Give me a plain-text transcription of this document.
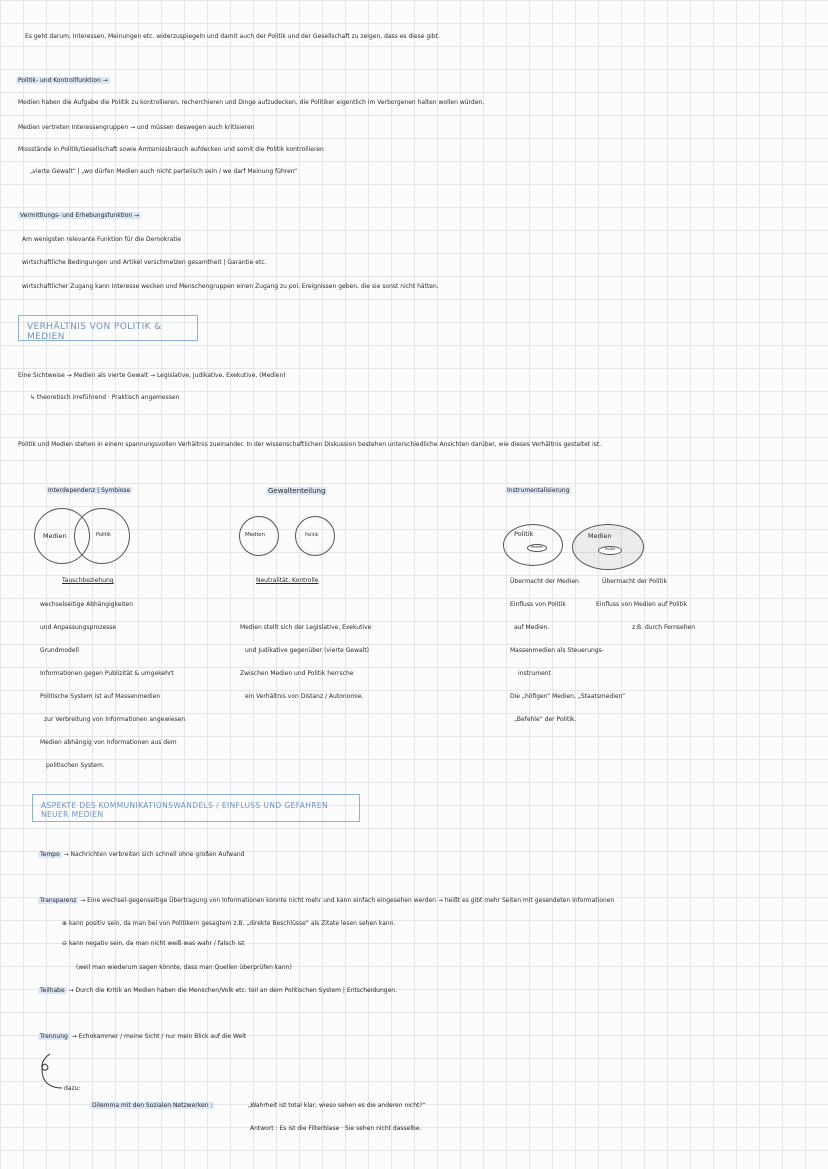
Es geht darum, Interessen, Meinungen etc. widerzuspiegeln und damit auch der Politik und der Gesellschaft zu zeigen, dass es diese gibt.
Politik- und Kontrollfunktion →
Medien haben die Aufgabe die Politik zu kontrollieren, recherchieren und Dinge aufzudecken, die Politiker eigentlich im Verborgenen halten wollen würden.
Medien vertreten Interessengruppen → und müssen deswegen auch kritisieren
Missstände in Politik/Gesellschaft sowie Amtsmissbrauch aufdecken und somit die Politik kontrollieren
„vierte Gewalt“ | „wo dürfen Medien auch nicht parteiisch sein / we darf Meinung führen“
Vermittlungs- und Erhebungsfunktion →
Am wenigsten relevante Funktion für die Demokratie
wirtschaftliche Bedingungen und Artikel verschmelzen gesamtheit | Garantie etc.
wirtschaftlicher Zugang kann Interesse wecken und Menschengruppen einen Zugang zu pol. Ereignissen geben, die sie sonst nicht hätten.
VERHÄLTNIS VON POLITIK & MEDIEN
Eine Sichtweise → Medien als vierte Gewalt → Legislative, Judikative, Exekutive, (Medien)
↳ theoretisch irreführend · Praktisch angemessen
Politik und Medien stehen in einem spannungsvollen Verhältnis zueinander. In der wissenschaftlichen Diskussion bestehen unterschiedliche Ansichten darüber, wie dieses Verhältnis gestaltet ist.
Interdependenz | Symbiose
Medien	Politik
Tauschbeziehung
wechselseitige Abhängigkeiten
und Anpassungsprozesse
Grundmodell
Informationen gegen Publizität & umgekehrt
Politische System ist auf Massenmedien
zur Verbreitung von Informationen angewiesen
Medien abhängig von Informationen aus dem
politischen System.
Gewaltenteilung
Medien	Politik
Neutralität, Kontrolle
Medien stellt sich der Legislative, Exekutive
und Judikative gegenüber (vierte Gewalt)
Zwischen Medien und Politik herrsche
ein Verhältnis von Distanz / Autonomie.
Instrumentalisierung
Politik
Medien
Medien
Politik
Übermacht der Medien
Einfluss von Politik
auf Medien.
Massenmedien als Steuerungs-
instrument
Die „höfigen“ Medien, „Staatsmedien“
„Befehle“ der Politik.
Übermacht der Politik
Einfluss von Medien auf Politik
z.B. durch Fernsehen
ASPEKTE DES KOMMUNIKATIONSWANDELS / EINFLUSS UND GEFAHREN NEUER MEDIEN
Tempo → Nachrichten verbreiten sich schnell ohne großen Aufwand
Transparenz → Eine wechsel-gegenseitige Übertragung von Informationen konnte nicht mehr und kann einfach eingesehen werden → heißt es gibt mehr Seiten mit gesendeten Informationen
⊕ kann positiv sein, da man bei von Politikern gesagtem z.B. „direkte Beschlüsse“ als Zitate lesen sehen kann.
⊖ kann negativ sein, da man nicht weiß was wahr / falsch ist
(weil man wiederum sagen könnte, dass man Quellen überprüfen kann)
Teilhabe → Durch die Kritik an Medien haben die Menschen/Volk etc. teil an dem Politischen System | Entscheidungen.
Trennung → Echokammer / meine Sicht / nur mein Blick auf die Welt
dazu:
Dilemma mit den Sozialen Netzwerken :	„Wahrheit ist total klar, wieso sehen es die anderen nicht?“
Antwort : Es ist die Filterblase · Sie sehen nicht dasselbe.
